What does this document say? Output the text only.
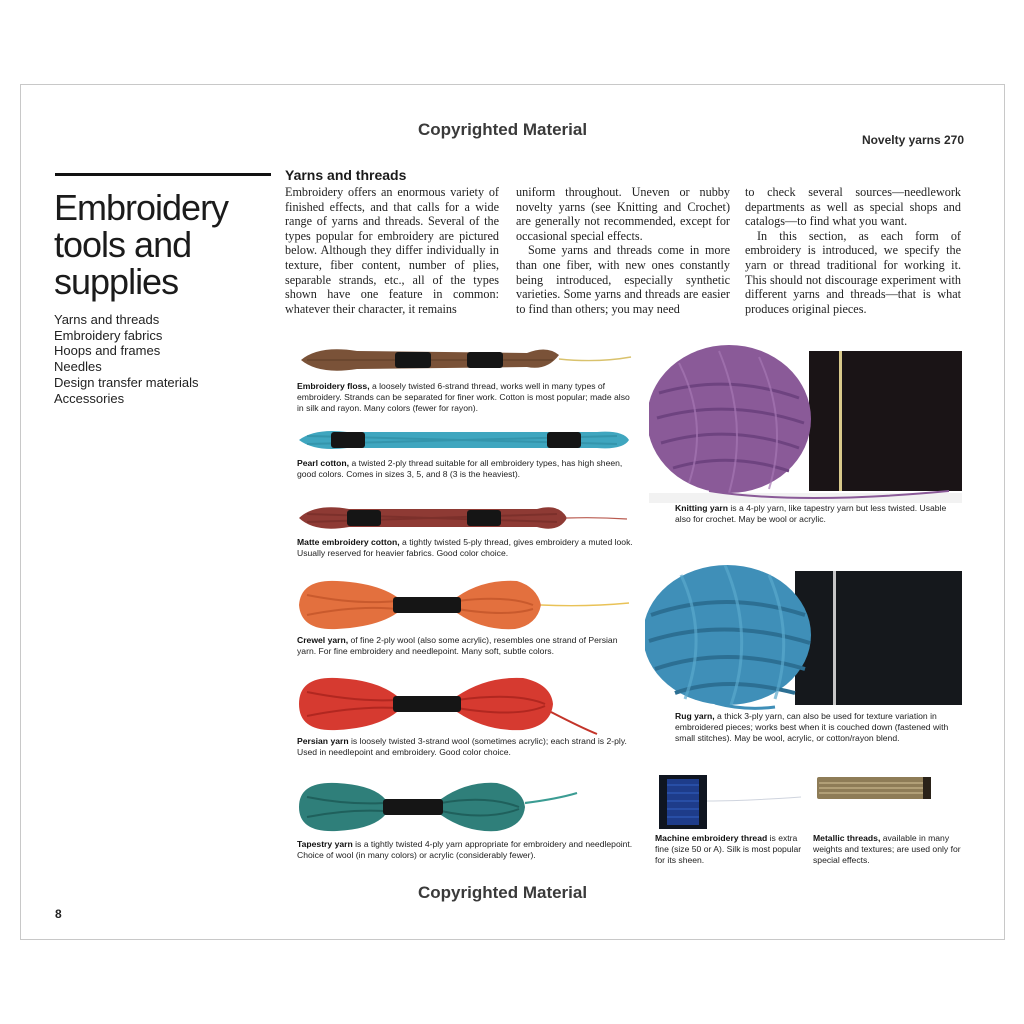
Copyrighted Material
Novelty yarns 270
Embroidery tools and supplies
Yarns and threads
Embroidery fabrics
Hoops and frames
Needles
Design transfer materials
Accessories
Yarns and threads

Embroidery offers an enormous variety of finished effects, and that calls for a wide range of yarns and threads. Several of the types popular for embroidery are pictured below. Although they differ individually in texture, fiber content, number of plies, separable strands, etc., all of the types shown have one feature in common: whatever their character, it remains

uniform throughout. Uneven or nubby novelty yarns (see Knitting and Crochet) are generally not recommended, except for occasional special effects.

Some yarns and threads come in more than one fiber, with new ones constantly being introduced, especially synthetic varieties. Some yarns and threads are easier to find than others; you may need

to check several sources—needlework departments as well as special shops and catalogs—to find what you want.

In this section, as each form of embroidery is introduced, we specify the yarn or thread traditional for working it. This should not discourage experiment with different yarns and threads—that is what produces original pieces.

Embroidery floss, a loosely twisted 6-strand thread, works well in many types of embroidery. Strands can be separated for finer work. Cotton is most popular; made also in silk and rayon. Many colors (fewer for rayon).
Pearl cotton, a twisted 2-ply thread suitable for all embroidery types, has high sheen, good colors. Comes in sizes 3, 5, and 8 (3 is the heaviest).
Matte embroidery cotton, a tightly twisted 5-ply thread, gives embroidery a muted look. Usually reserved for heavier fabrics. Good color choice.
Crewel yarn, of fine 2-ply wool (also some acrylic), resembles one strand of Persian yarn. For fine embroidery and needlepoint. Many soft, subtle colors.
Persian yarn is loosely twisted 3-strand wool (sometimes acrylic); each strand is 2-ply. Used in needlepoint and embroidery. Good color choice.
Tapestry yarn is a tightly twisted 4-ply yarn appropriate for embroidery and needlepoint. Choice of wool (in many colors) or acrylic (considerably fewer).
Knitting yarn is a 4-ply yarn, like tapestry yarn but less twisted. Usable also for crochet. May be wool or acrylic.
Rug yarn, a thick 3-ply yarn, can also be used for texture variation in embroidered pieces; works best when it is couched down (fastened with small stitches). May be wool, acrylic, or cotton/rayon blend.
Machine embroidery thread is extra fine (size 50 or A). Silk is most popular for its sheen.
Metallic threads, available in many weights and textures; are used only for special effects.
Copyrighted Material
8
